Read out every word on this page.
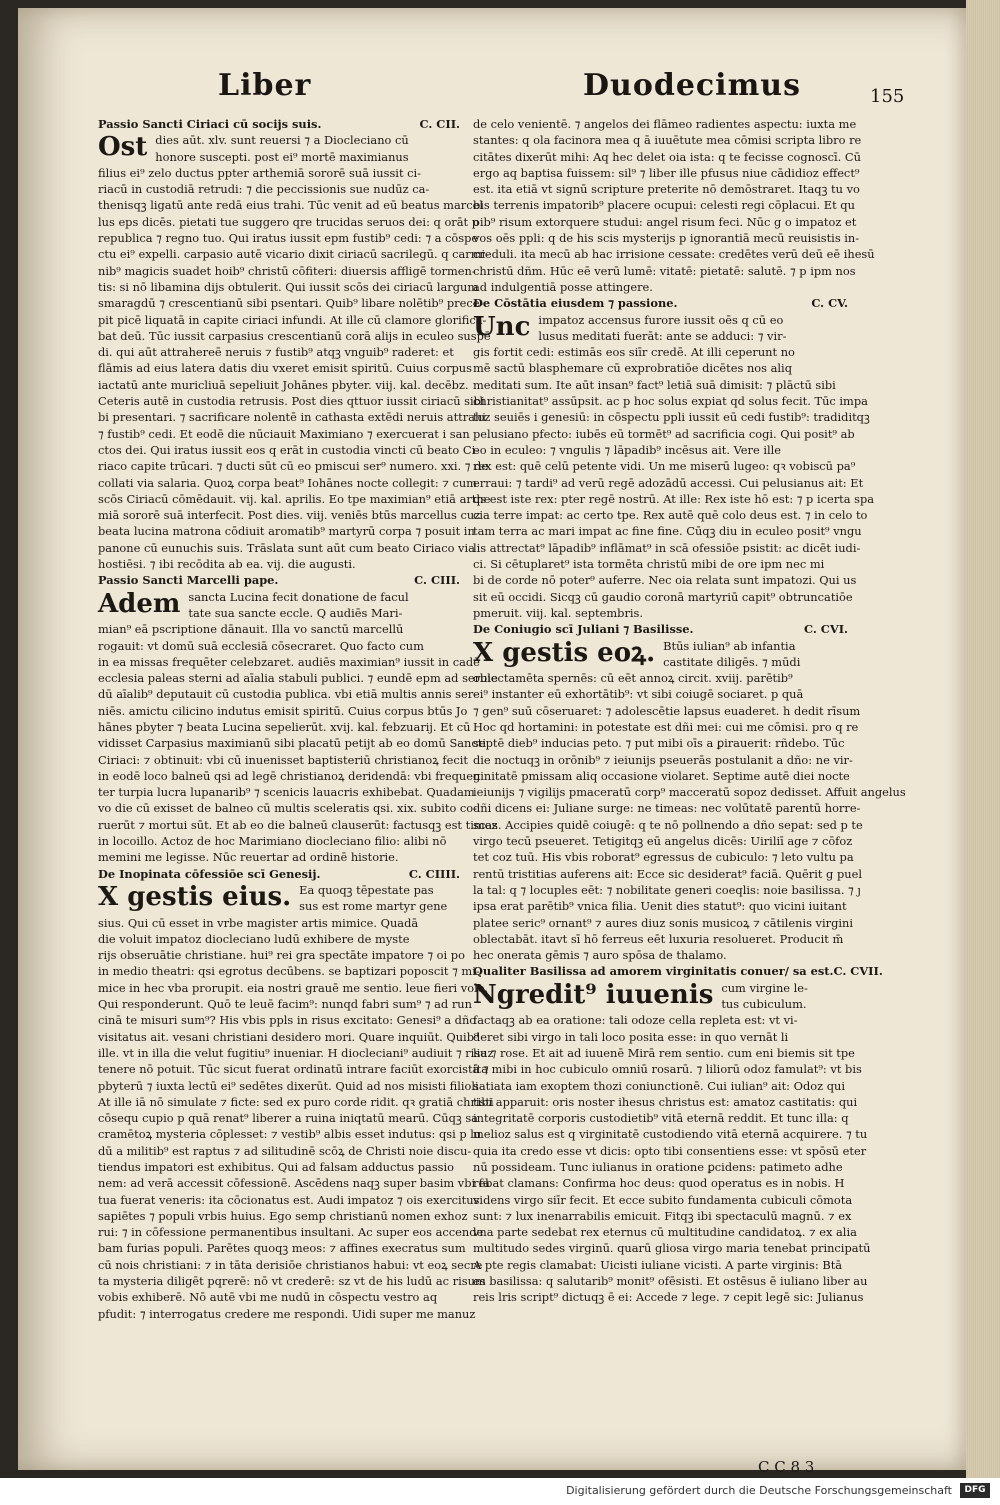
Liber	Duodecimus	155
Passio Sancti Ciriaci cū socijs suis.	C. CII.
Ost dies aūt. xlv. sunt reuersi ⁊ a Diocleciano cū
honore suscepti. post ei⁹ mortē maximianus
filius ei⁹ zelo ductus ppter arthemiā sororē suā iussit ci-
riacū in custodiā retrudi: ⁊ die peccissionis sue nudūz ca-
thenisqꝫ ligatū ante redā eius trahi. Tūc venit ad eū beatus marcel
lus eps dicēs. pietati tue suggero qre trucidas seruos dei: q orāt p
republica ⁊ regno tuo. Qui iratus iussit epm fustib⁹ cedi: ⁊ a cōspe
ctu ei⁹ expelli. carpasio autē vicario dixit ciriacū sacrilegū. q carmi-
nib⁹ magicis suadet hoib⁹ christū cōfiteri: diuersis affligē tormen-
tis: si nō libamina dijs obtulerit. Qui iussit scōs dei ciriacū largum
smaragdū ⁊ crescentianū sibi psentari. Quib⁹ libare nolētib⁹ prece-
pit picē liquatā in capite ciriaci infundi. At ille cū clamore glorifica-
bat deū. Tūc iussit carpasius crescentianū corā alijs in eculeo suspē
di. qui aūt attrahereē neruis ⁊ fustib⁹ atqꝫ vnguib⁹ raderet: et
flāmis ad eius latera datis diu vxeret emisit spiritū. Cuius corpus
iactatū ante muricliuā sepeliuit Johānes pbyter. viij. kal. decēbz.
Ceteris autē in custodia retrusis. Post dies qttuor iussit ciriacū sibi
bi presentari. ⁊ sacrificare nolentē in cathasta extēdi neruis attrahi
⁊ fustib⁹ cedi. Et eodē die nūciauit Maximiano ⁊ exercuerat i san
ctos dei. Qui iratus iussit eos q erāt in custodia vincti cū beato Ci-
riaco capite trūcari. ⁊ ducti sūt cū eo pmiscui ser⁹ numero. xxi. ⁊ de
collati via salaria. Quoꝝ corpa beat⁹ Iohānes nocte collegit: ⁊ cum
scōs Ciriacū cōmēdauit. vij. kal. aprilis. Eo tpe maximian⁹ etiā arthe
miā sororē suā interfecit. Post dies. viij. veniēs btūs marcellus cuz
beata lucina matrona cōdiuit aromatib⁹ martyrū corpa ⁊ posuit in
panone cū eunuchis suis. Trāslata sunt aūt cum beato Ciriaco via
hostiēsi. ⁊ ibi recōdita ab ea. vij. die augusti.
Passio Sancti Marcelli pape.	C. CIII.
Adem sancta Lucina fecit donatione de facul
tate sua sancte eccle. Q audiēs Mari-
mian⁹ eā pscriptione dānauit. Illa vo sanctū marcellū
rogauit: vt domū suā ecclesiā cōsecraret. Quo facto cum
in ea missas frequēter celebzaret. audiēs maximian⁹ iussit in cadē
ecclesia paleas sterni ad aīalia stabuli publici. ⁊ eundē epm ad seruie
dū aīalib⁹ deputauit cū custodia publica. vbi etiā multis annis ser-
niēs. amictu cilicino indutus emisit spiritū. Cuius corpus btūs Jo
hānes pbyter ⁊ beata Lucina sepelierūt. xvij. kal. febzuarij. Et cū
vidisset Carpasius maximianū sibi placatū petijt ab eo domū Sancti
Ciriaci: ⁊ obtinuit: vbi cū inuenisset baptisteriū christianoꝝ fecit
in eodē loco balneū qsi ad legē christianoꝝ deridendā: vbi frequen
ter turpia lucra lupanarib⁹ ⁊ scenicis lauacris exhibebat. Quadam
vo die cū exisset de balneo cū multis sceleratis qsi. xix. subito co-
ruerūt ⁊ mortui sūt. Et ab eo die balneū clauserūt: factusqꝫ est timoz
in locoillo. Actoz de hoc Marimiano diocleciano filio: alibi nō
memini me legisse. Nūc reuertar ad ordinē historie.
De Inopinata cōfessiōe scī Genesij.	C. CIIII.
X gestis eius. Ea quoqꝫ tēpestate pas
sus est rome martyr gene
sius. Qui cū esset in vrbe magister artis mimice. Quadā
die voluit impatoz diocleciano ludū exhibere de myste
rijs obseruātie christiane. hui⁹ rei gra spectāte impatore ⁊ oi po
in medio theatri: qsi egrotus decūbens. se baptizari poposcit ⁊ mi-
mice in hec vba prorupit. eia nostri grauē me sentio. leue fieri volo.
Qui responderunt. Quō te leuē facim⁹: nunqd fabri sum⁹ ⁊ ad run
cinā te misuri sum⁹? His vbis ppls in risus excitato: Genesi⁹ a dño
visitatus ait. vesani christiani desidero mori. Quare inquiūt. Quib⁹
ille. vt in illa die velut fugitiu⁹ inueniar. H diocleciani⁹ audiuit ⁊ risuz
tenere nō potuit. Tūc sicut fuerat ordinatū intrare faciūt exorcistā ⁊
pbyterū ⁊ iuxta lectū ei⁹ sedētes dixerūt. Quid ad nos misisti filioli
At ille iā nō simulate ⁊ ficte: sed ex puro corde ridit. qꝛ gratiā christi
cōsequ cupio p quā renat⁹ liberer a ruina iniqtatū mearū. Cūqꝫ sa
cramētoꝝ mysteria cōplesset: ⁊ vestib⁹ albis esset indutus: qsi p lu
dū a militib⁹ est raptus ⁊ ad silitudinē scōꝝ de Christi noie discu-
tiendus impatori est exhibitus. Qui ad falsam adductus passio
nem: ad verā accessit cōfessionē. Ascēdens naqꝫ super basim vbi fa
tua fuerat veneris: ita cōcionatus est. Audi impatoz ⁊ ois exercitus
sapiētes ⁊ populi vrbis huius. Ego semp christianū nomen exhoz
rui: ⁊ in cōfessione permanentibus insultani. Ac super eos accende
bam furias populi. Parētes quoqꝫ meos: ⁊ affines execratus sum
cū nois christiani: ⁊ in tāta derisiōe christianos habui: vt eoꝝ secre
ta mysteria diligēt pqrerē: nō vt crederē: sz vt de his ludū ac risum
vobis exhiberē. Nō autē vbi me nudū in cōspectu vestro aq
pfudit: ⁊ interrogatus credere me respondi. Uidi super me manuz
de celo venientē. ⁊ angelos dei flāmeo radientes aspectu: iuxta me
stantes: q ola facinora mea q ā iuuētute mea cōmisi scripta libro re
citātes dixerūt mihi: Aq hec delet oia ista: q te fecisse cognoscī. Cū
ergo aq baptisa fuissem: sil⁹ ⁊ liber ille pfusus niue cādidioz effect⁹
est. ita etiā vt signū scripture preterite nō demōstraret. Itaqꝫ tu vo
bis terrenis impatorib⁹ placere ocupui: celesti regi cōplacui. Et qu
oib⁹ risum extorquere studui: angel risum feci. Nūc g o impatoz et
vos oēs ppli: q de his scis mysterijs p ignorantiā mecū reuisistis in-
creduli. ita mecū ab hac irrisione cessate: credētes verū deū eē ihesū
christū dñm. Hūc eē verū lumē: vitatē: pietatē: salutē. ⁊ p ipm nos
ad indulgentiā posse attingere.
De Cōstātia eiusdem ⁊ passione.	C. CV.
Unc impatoz accensus furore iussit oēs q cū eo
lusus meditati fuerāt: ante se adduci: ⁊ vir-
gis fortit cedi: estimās eos siīr credē. At illi ceperunt no
mē sactū blasphemare cū exprobratiōe dicētes nos aliq
meditati sum. Ite aūt insan⁹ fact⁹ letiā suā dimisit: ⁊ plāctū sibi
christianitat⁹ assūpsit. ac p hoc solus expiat qd solus fecit. Tūc impa
toz seuiēs i genesiū: in cōspectu ppli iussit eū cedi fustib⁹: tradiditqꝫ
pelusiano pfecto: iubēs eū tormēt⁹ ad sacrificia cogi. Qui posit⁹ ab
eo in eculeo: ⁊ vngulis ⁊ lāpadib⁹ incēsus ait. Vere ille
rex est: quē celū petente vidi. Un me miserū lugeo: qꝛ vobiscū pa⁹
erraui: ⁊ tardi⁹ ad verū regē adozādū accessi. Cui pelusianus ait: Et
qs est iste rex: pter regē nostrū. At ille: Rex iste hō est: ⁊ p icerta spa
cia terre impat: ac certo tpe. Rex autē quē colo deus est. ⁊ in celo to
tam terra ac mari impat ac fine fine. Cūqꝫ diu in eculeo posit⁹ vngu
lis attrectat⁹ lāpadib⁹ inflāmat⁹ in scā ofessiōe psistit: ac dicēt iudi-
ci. Si cētuplaret⁹ ista tormēta christū mibi de ore ipm nec mi
bi de corde nō poter⁹ auferre. Nec oia relata sunt impatozi. Qui us
sit eū occidi. Sicqꝫ cū gaudio coronā martyriū capit⁹ obtruncatiōe
pmeruit. viij. kal. septembris.
De Coniugio scī Juliani ⁊ Basilisse.	C. CVI.
X gestis eoꝝ. Btūs iulian⁹ ab infantia
castitate diligēs. ⁊ mūdi
oblectamēta spernēs: cū eēt annoꝝ circit. xviij. parētib⁹
ei⁹ instanter eū exhortātib⁹: vt sibi coiugē sociaret. p quā
⁊ gen⁹ suū cōseruaret: ⁊ adolescētie lapsus euaderet. h dedit rīsum
Hoc qd hortamini: in potestate est dñi mei: cui me cōmisi. pro q re
septē dieb⁹ inducias peto. ⁊ put mibi oīs a ꝑirauerit: rñdebo. Tūc
die noctuqꝫ in orōnib⁹ ⁊ ieiunijs pseuerās postulanit a dño: ne vir-
ginitatē pmissam aliq occasione violaret. Septime autē diei nocte
ieiunijs ⁊ vigilijs pmaceratū corp⁹ macceratū sopoz dedisset. Affuit angelus
dñi dicens ei: Juliane surge: ne timeas: nec volūtatē parentū horre-
scas. Accipies quidē coiugē: q te nō pollnendo a dño sepat: sed p te
virgo tecū pseueret. Tetigitqꝫ eū angelus dicēs: Uiriliī age ⁊ cōfoz
tet coz tuū. His vbis roborat⁹ egressus de cubiculo: ⁊ leto vultu pa
rentū tristitias auferens ait: Ecce sic desiderat⁹ faciā. Quērit g puel
la tal: q ⁊ locuples eēt: ⁊ nobilitate generi coeqlis: noie basilissa. ⁊ ȷ
ipsa erat parētib⁹ vnica filia. Uenit dies statut⁹: quo vicini iuitant
platee seric⁹ ornant⁹ ⁊ aures diuz sonis musicoꝝ ⁊ cātilenis virgini
oblectabāt. itavt sī hō ferreus eēt luxuria resolueret. Producit m̄
hec onerata gēmis ⁊ auro spōsa de thalamo.
Qualiter Basilissa ad amorem virginitatis conuer/ sa est. C. CVII.
Ngredit⁹ iuuenis cum virgine le-
tus cubiculum.
factaqꝫ ab ea oratione: tali odoze cella repleta est: vt vi-
deret sibi virgo in tali loco posita esse: in quo vernāt li
lia ⁊ rose. Et ait ad iuuenē Mirā rem sentio. cum eni biemis sit tpe
ita mibi in hoc cubiculo omniū rosarū. ⁊ liliorū odoz famulat⁹: vt bis
satiata iam exoptem thozi coniunctionē. Cui iulian⁹ ait: Odoz qui
tibi apparuit: oris noster ihesus christus est: amatoz castitatis: qui
integritatē corporis custodietib⁹ vitā eternā reddit. Et tunc illa: q
melioz salus est q virginitatē custodiendo vitā eternā acquirere. ⁊ tu
quia ita credo esse vt dicis: opto tibi consentiens esse: vt spōsū eter
nū possideam. Tunc iulianus in oratione ꝑcidens: patimeto adhe
rebat clamans: Confirma hoc deus: quod operatus es in nobis. H
videns virgo siīr fecit. Et ecce subito fundamenta cubiculi cōmota
sunt: ⁊ lux inenarrabilis emicuit. Fitqꝫ ibi spectaculū magnū. ⁊ ex
vna parte sedebat rex eternus cū multitudine candidatoꝝ. ⁊ ex alia
multitudo sedes virginū. quarū gliosa virgo maria tenebat principatū
A pte regis clamabat: Uicisti iuliane vicisti. A parte virginis: Btā
es basilissa: q salutarib⁹ monit⁹ ofēsisti. Et ostēsus ē iuliano liber au
reis lris script⁹ dictuqꝫ ē ei: Accede ⁊ lege. ⁊ cepit legē sic: Julianus
C C 8 3
Digitalisierung gefördert durch die Deutsche Forschungsgemeinschaft	DFG
